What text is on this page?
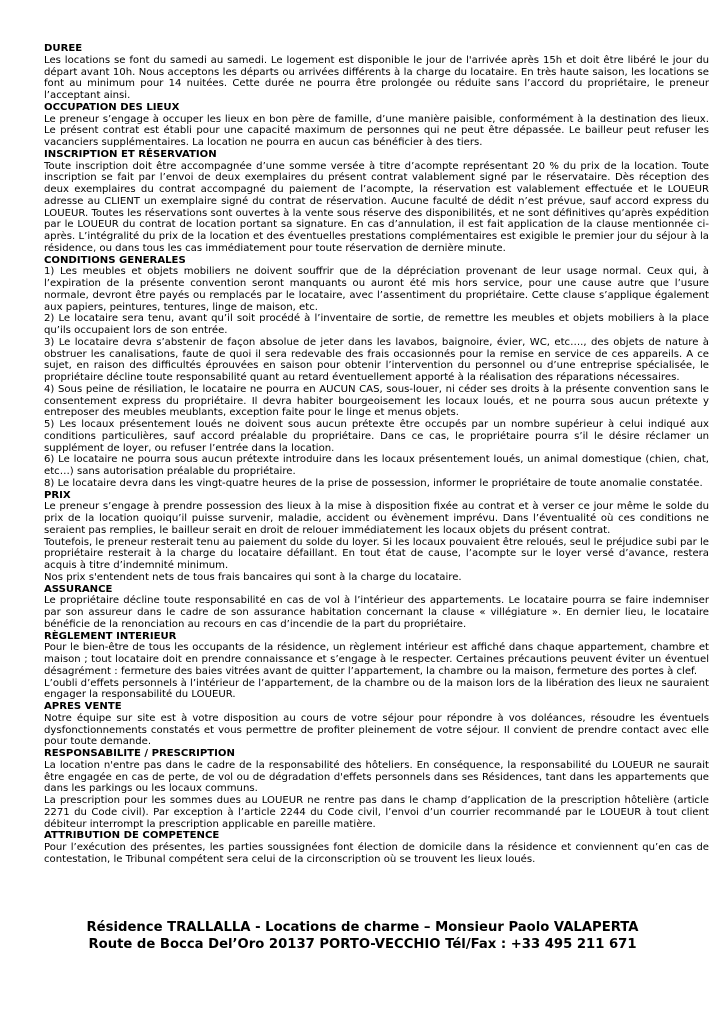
DUREE

Les locations se font du samedi au samedi. Le logement est disponible le jour de l'arrivée après 15h et doit être libéré le jour du départ avant 10h. Nous acceptons les départs ou arrivées différents à la charge du locataire. En très haute saison, les locations se font au minimum pour 14 nuitées. Cette durée ne pourra être prolongée ou réduite sans l’accord du propriétaire, le preneur l’acceptant ainsi.

OCCUPATION DES LIEUX

Le preneur s’engage à occuper les lieux en bon père de famille, d’une manière paisible, conformément à la destination des lieux. Le présent contrat est établi pour une capacité maximum de personnes qui ne peut être dépassée. Le bailleur peut refuser les vacanciers supplémentaires. La location ne pourra en aucun cas bénéficier à des tiers.

INSCRIPTION ET RÉSERVATION

Toute inscription doit être accompagnée d’une somme versée à titre d’acompte représentant 20 % du prix de la location. Toute inscription se fait par l’envoi de deux exemplaires du présent contrat valablement signé par le réservataire. Dès réception des deux exemplaires du contrat accompagné du paiement de l’acompte, la réservation est valablement effectuée et le LOUEUR adresse au CLIENT un exemplaire signé du contrat de réservation. Aucune faculté de dédit n’est prévue, sauf accord express du LOUEUR. Toutes les réservations sont ouvertes à la vente sous réserve des disponibilités, et ne sont définitives qu’après expédition par le LOUEUR du contrat de location portant sa signature. En cas d’annulation, il est fait application de la clause mentionnée ci-après. L’intégralité du prix de la location et des éventuelles prestations complémentaires est exigible le premier jour du séjour à la résidence, ou dans tous les cas immédiatement pour toute réservation de dernière minute.

CONDITIONS GENERALES

1) Les meubles et objets mobiliers ne doivent souffrir que de la dépréciation provenant de leur usage normal. Ceux qui, à l’expiration de la présente convention seront manquants ou auront été mis hors service, pour une cause autre que l’usure normale, devront être payés ou remplacés par le locataire, avec l’assentiment du propriétaire. Cette clause s’applique également aux papiers, peintures, tentures, linge de maison, etc.

2) Le locataire sera tenu, avant qu’il soit procédé à l’inventaire de sortie, de remettre les meubles et objets mobiliers à la place qu’ils occupaient lors de son entrée.

3) Le locataire devra s’abstenir de façon absolue de jeter dans les lavabos, baignoire, évier, WC, etc…., des objets de nature à obstruer les canalisations, faute de quoi il sera redevable des frais occasionnés pour la remise en service de ces appareils. A ce sujet, en raison des difficultés éprouvées en saison pour obtenir l’intervention du personnel ou d’une entreprise spécialisée, le propriétaire décline toute responsabilité quant au retard éventuellement apporté à la réalisation des réparations nécessaires.

4) Sous peine de résiliation, le locataire ne pourra en AUCUN CAS, sous-louer, ni céder ses droits à la présente convention sans le consentement express du propriétaire. Il devra habiter bourgeoisement les locaux loués, et ne pourra sous aucun prétexte y entreposer des meubles meublants, exception faite pour le linge et menus objets.

5) Les locaux présentement loués ne doivent sous aucun prétexte être occupés par un nombre supérieur à celui indiqué aux conditions particulières, sauf accord préalable du propriétaire. Dans ce cas, le propriétaire pourra s’il le désire réclamer un supplément de loyer, ou refuser l’entrée dans la location.

6) Le locataire ne pourra sous aucun prétexte introduire dans les locaux présentement loués, un animal domestique (chien, chat, etc…) sans autorisation préalable du propriétaire.

8) Le locataire devra dans les vingt-quatre heures de la prise de possession, informer le propriétaire de toute anomalie constatée.

PRIX

Le preneur s’engage à prendre possession des lieux à la mise à disposition fixée au contrat et à verser ce jour même le solde du prix de la location quoiqu’il puisse survenir, maladie, accident ou évènement imprévu. Dans l’éventualité où ces conditions ne seraient pas remplies, le bailleur serait en droit de relouer immédiatement les locaux objets du présent contrat.

Toutefois, le preneur resterait tenu au paiement du solde du loyer. Si les locaux pouvaient être reloués, seul le préjudice subi par le propriétaire resterait à la charge du locataire défaillant. En tout état de cause, l’acompte sur le loyer versé d’avance, restera acquis à titre d’indemnité minimum.

Nos prix s'entendent nets de tous frais bancaires qui sont à la charge du locataire.

ASSURANCE

Le propriétaire décline toute responsabilité en cas de vol à l’intérieur des appartements. Le locataire pourra se faire indemniser par son assureur dans le cadre de son assurance habitation concernant la clause « villégiature ». En dernier lieu, le locataire bénéficie de la renonciation au recours en cas d’incendie de la part du propriétaire.

RÈGLEMENT INTERIEUR

Pour le bien-être de tous les occupants de la résidence, un règlement intérieur est affiché dans chaque appartement, chambre et maison ; tout locataire doit en prendre connaissance et s’engage à le respecter. Certaines précautions peuvent éviter un éventuel désagrément : fermeture des baies vitrées avant de quitter l’appartement, la chambre ou la maison, fermeture des portes à clef.

L’oubli d’effets personnels à l’intérieur de l’appartement, de la chambre ou de la maison lors de la libération des lieux ne sauraient engager la responsabilité du LOUEUR.

APRES VENTE

Notre équipe sur site est à votre disposition au cours de votre séjour pour répondre à vos doléances, résoudre les éventuels dysfonctionnements constatés et vous permettre de profiter pleinement de votre séjour. Il convient de prendre contact avec elle pour toute demande.

RESPONSABILITE / PRESCRIPTION

La location n'entre pas dans le cadre de la responsabilité des hôteliers. En conséquence, la responsabilité du LOUEUR ne saurait être engagée en cas de perte, de vol ou de dégradation d'effets personnels dans ses Résidences, tant dans les appartements que dans les parkings ou les locaux communs.

La prescription pour les sommes dues au LOUEUR ne rentre pas dans le champ d’application de la prescription hôtelière (article 2271 du Code civil). Par exception à l’article 2244 du Code civil, l’envoi d’un courrier recommandé par le LOUEUR à tout client débiteur interrompt la prescription applicable en pareille matière.

ATTRIBUTION DE COMPETENCE

Pour l’exécution des présentes, les parties soussignées font élection de domicile dans la résidence et conviennent qu’en cas de contestation, le Tribunal compétent sera celui de la circonscription où se trouvent les lieux loués.

Résidence TRALLALLA - Locations de charme – Monsieur Paolo VALAPERTA
Route de Bocca Del’Oro 20137 PORTO-VECCHIO Tél/Fax : +33 495 211 671
